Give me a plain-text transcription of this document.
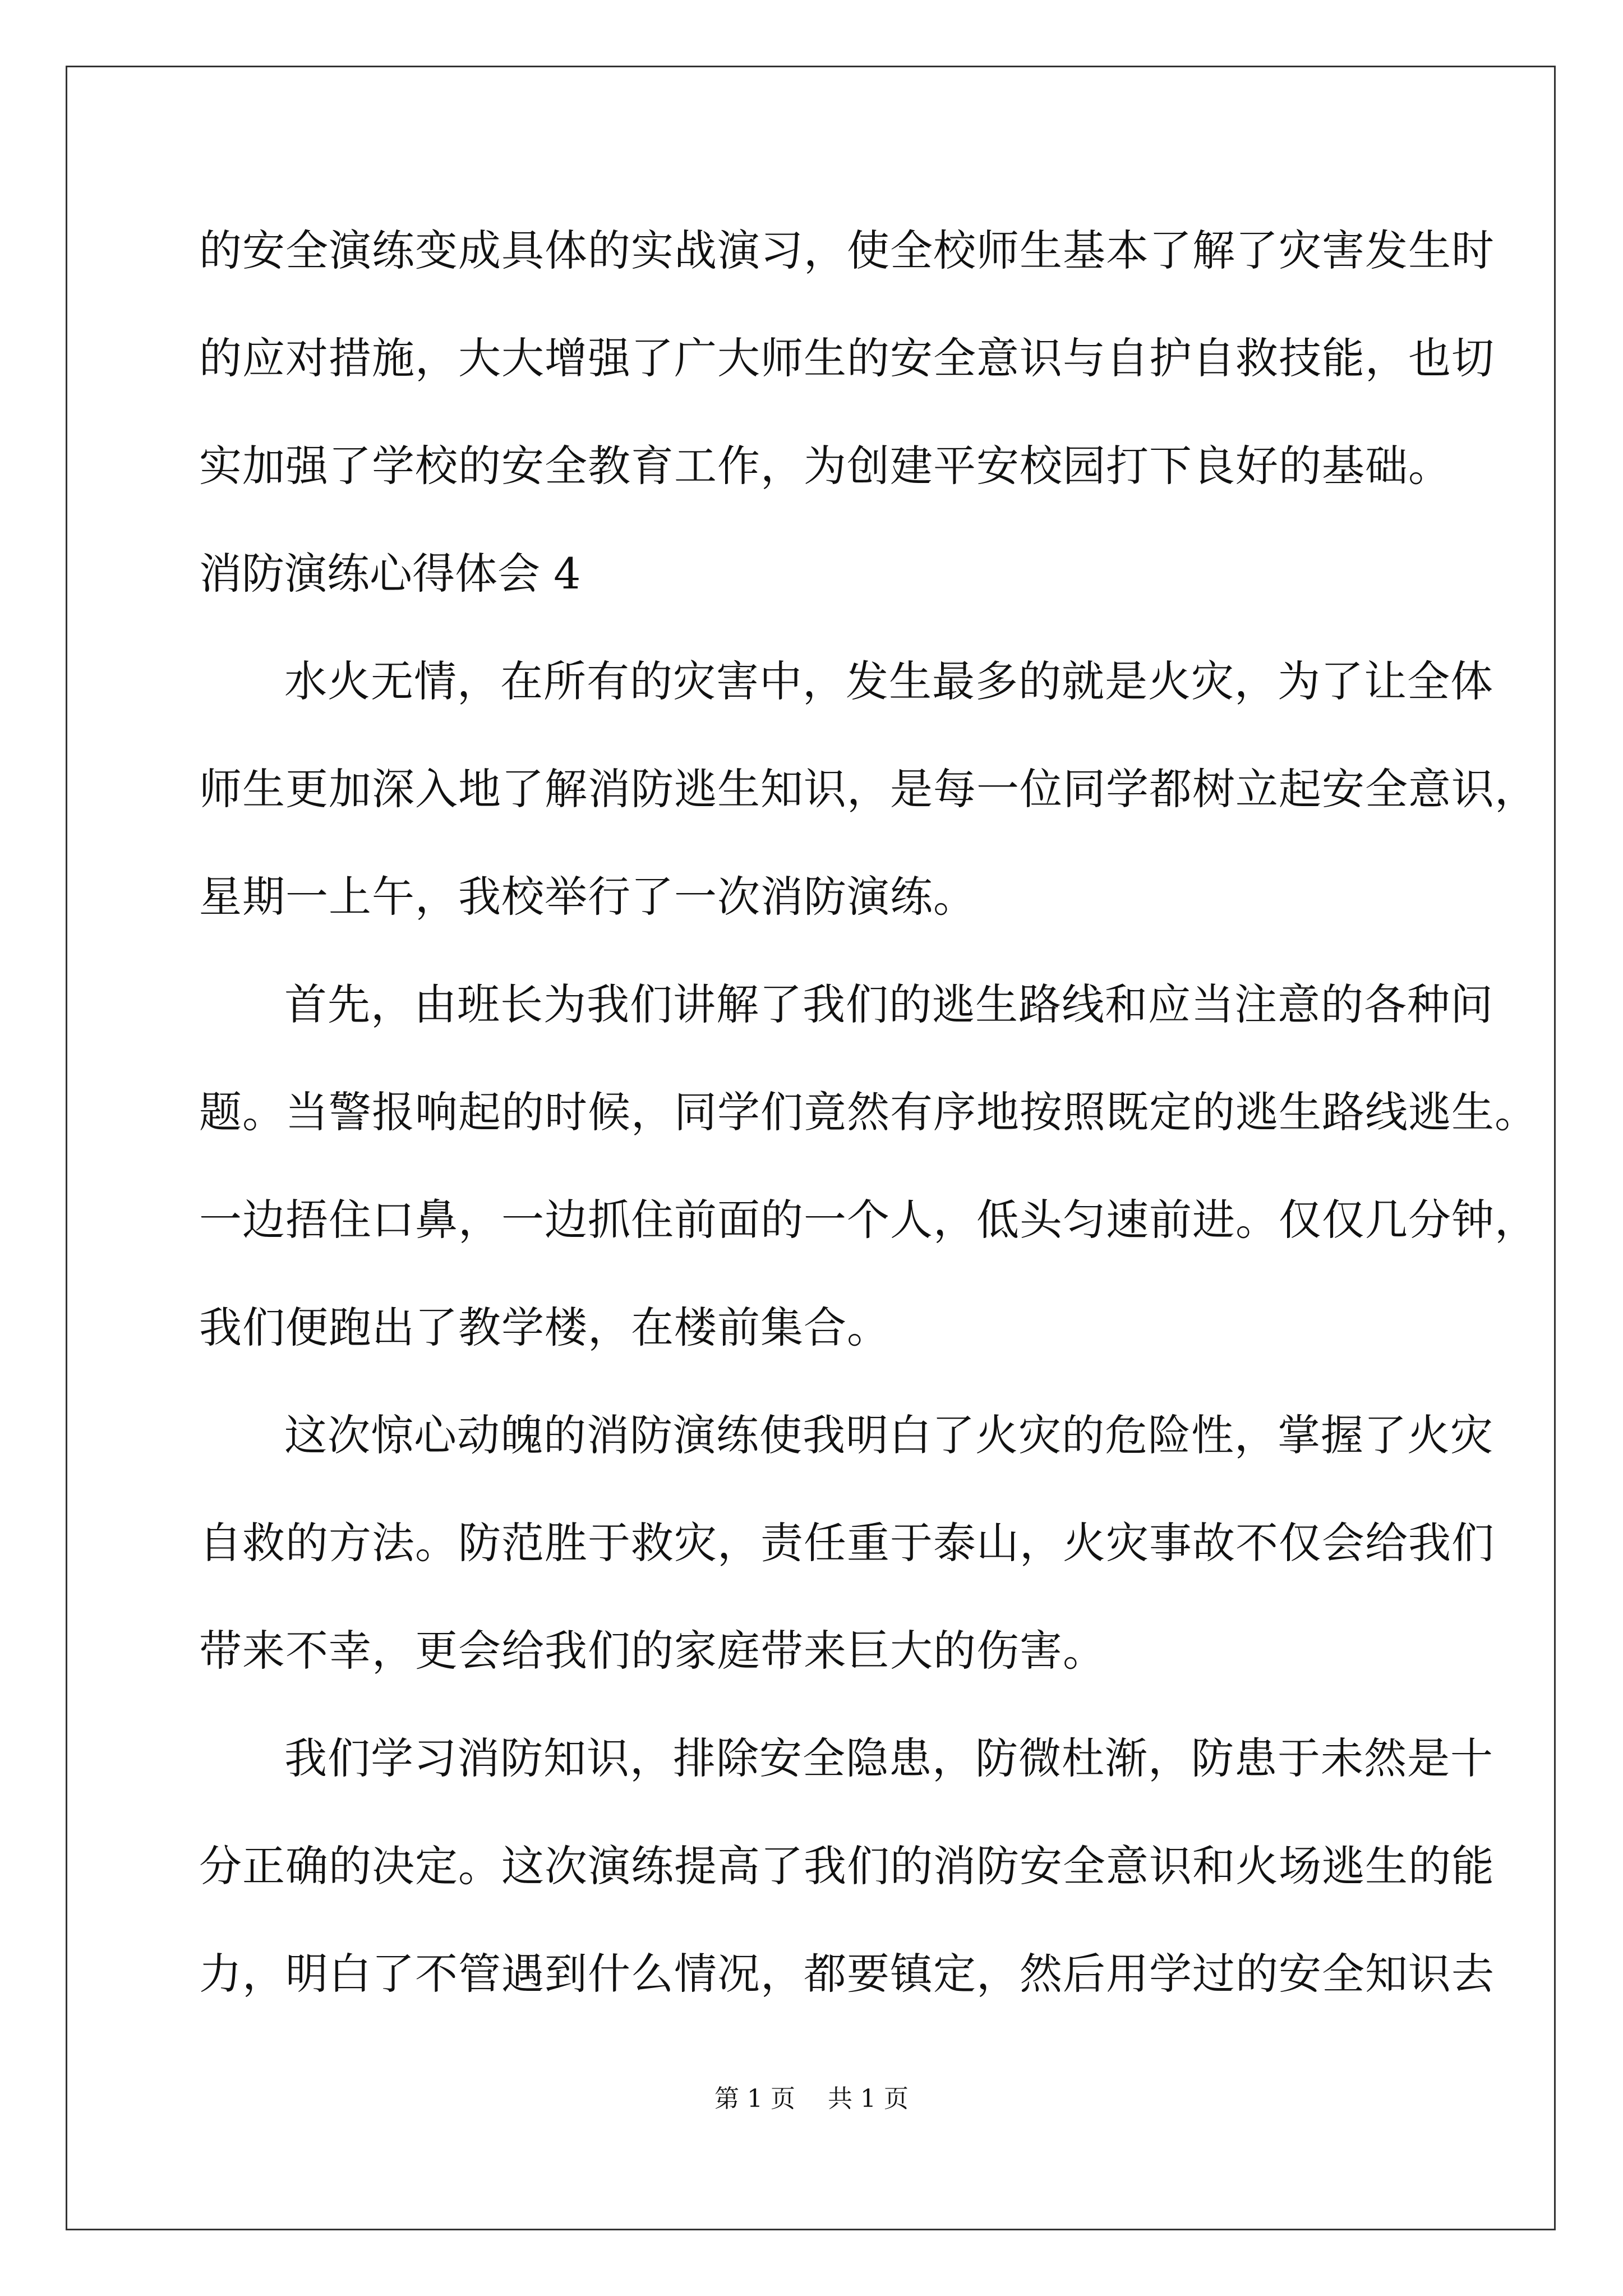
的安全演练变成具体的实战演习，使全校师生基本了解了灾害发生时
的应对措施，大大增强了广大师生的安全意识与自护自救技能，也切
实加强了学校的安全教育工作，为创建平安校园打下良好的基础。
消防演练心得体会 4
水火无情，在所有的灾害中，发生最多的就是火灾，为了让全体
师生更加深入地了解消防逃生知识，是每一位同学都树立起安全意识，
星期一上午，我校举行了一次消防演练。
首先，由班长为我们讲解了我们的逃生路线和应当注意的各种问
题。当警报响起的时候，同学们竟然有序地按照既定的逃生路线逃生。
一边捂住口鼻，一边抓住前面的一个人，低头匀速前进。仅仅几分钟，
我们便跑出了教学楼，在楼前集合。
这次惊心动魄的消防演练使我明白了火灾的危险性，掌握了火灾
自救的方法。防范胜于救灾，责任重于泰山，火灾事故不仅会给我们
带来不幸，更会给我们的家庭带来巨大的伤害。
我们学习消防知识，排除安全隐患，防微杜渐，防患于未然是十
分正确的决定。这次演练提高了我们的消防安全意识和火场逃生的能
力，明白了不管遇到什么情况，都要镇定，然后用学过的安全知识去
第 1 页 共 1 页
